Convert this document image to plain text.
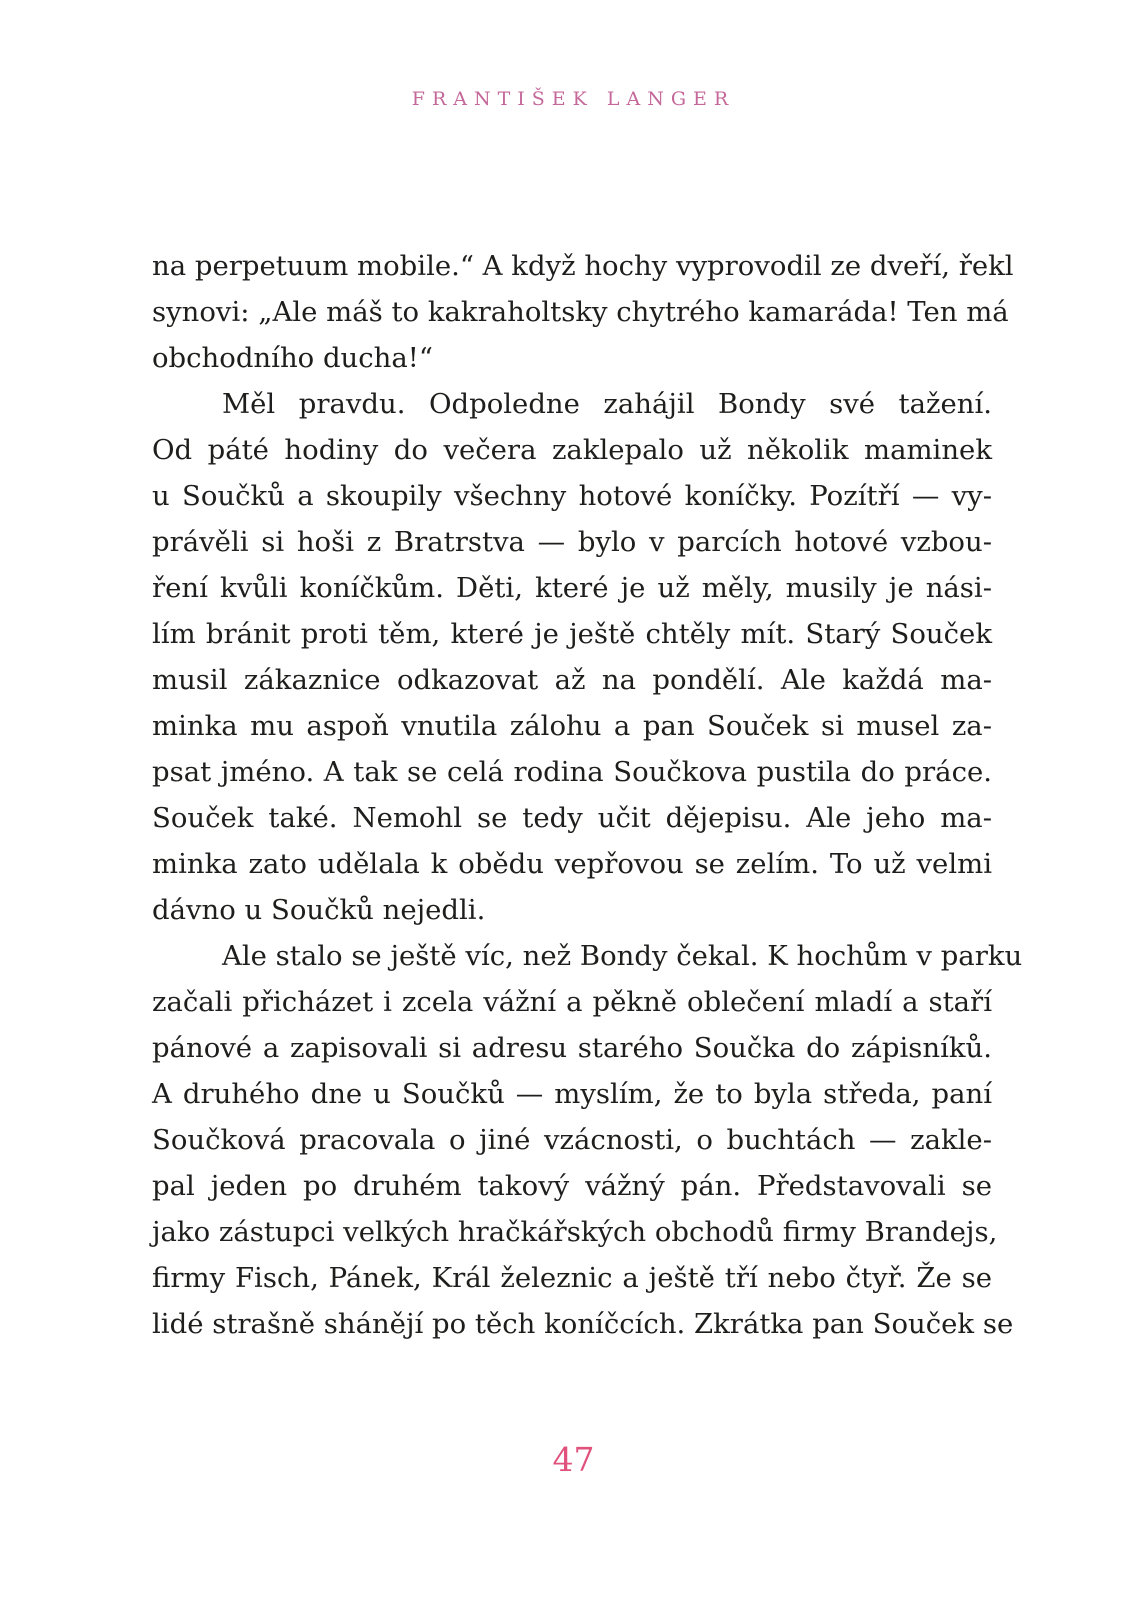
FRANTIŠEK LANGER
na perpetuum mobile.“ A když hochy vyprovodil ze dveří, řekl
synovi: „Ale máš to kakraholtsky chytrého kamaráda! Ten má
obchodního ducha!“
Měl pravdu. Odpoledne zahájil Bondy své tažení.
Od páté hodiny do večera zaklepalo už několik maminek
u Součků a skoupily všechny hotové koníčky. Pozítří — vy-
právěli si hoši z Bratrstva — bylo v parcích hotové vzbou-
ření kvůli koníčkům. Děti, které je už měly, musily je nási-
lím bránit proti těm, které je ještě chtěly mít. Starý Souček
musil zákaznice odkazovat až na pondělí. Ale každá ma-
minka mu aspoň vnutila zálohu a pan Souček si musel za-
psat jméno. A tak se celá rodina Součkova pustila do práce.
Souček také. Nemohl se tedy učit dějepisu. Ale jeho ma-
minka zato udělala k obědu vepřovou se zelím. To už velmi
dávno u Součků nejedli.
Ale stalo se ještě víc, než Bondy čekal. K hochům v parku
začali přicházet i zcela vážní a pěkně oblečení mladí a staří
pánové a zapisovali si adresu starého Součka do zápisníků.
A druhého dne u Součků — myslím, že to byla středa, paní
Součková pracovala o jiné vzácnosti, o buchtách — zakle-
pal jeden po druhém takový vážný pán. Představovali se
jako zástupci velkých hračkářských obchodů firmy Brandejs,
firmy Fisch, Pánek, Král železnic a ještě tří nebo čtyř. Že se
lidé strašně shánějí po těch koníčcích. Zkrátka pan Souček se
47
